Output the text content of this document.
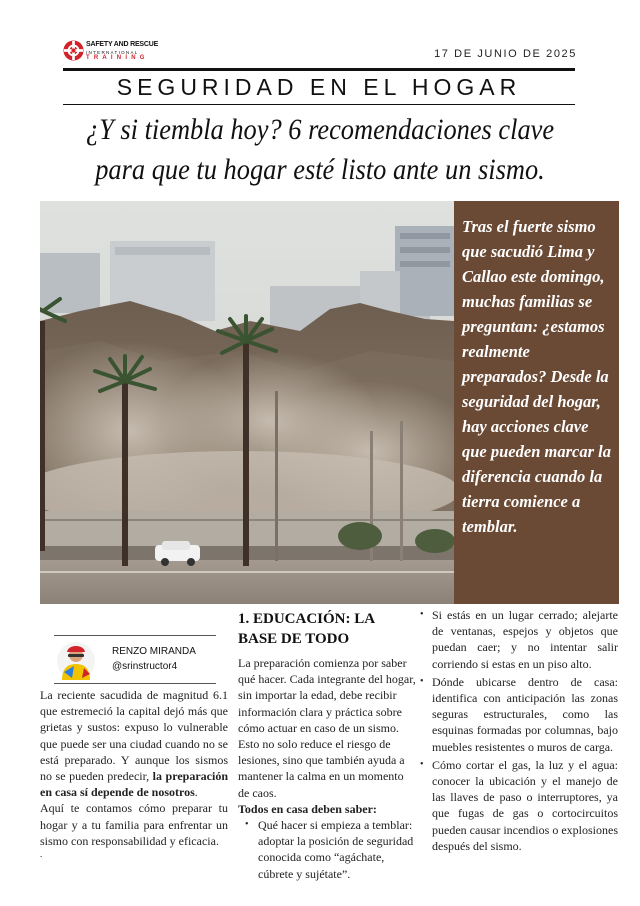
SAFETY AND RESCUE
INTERNATIONAL
TRAINING	17 DE JUNIO DE 2025
SEGURIDAD EN EL HOGAR
¿Y si tiembla hoy? 6 recomendaciones clave
para que tu hogar esté listo ante un sismo.
Tras el fuerte sismo que sacudió Lima y Callao este domingo, muchas familias se preguntan: ¿estamos realmente preparados? Desde la seguridad del hogar, hay acciones clave que pueden marcar la diferencia cuando la tierra comience a temblar.
RENZO MIRANDA
@srinstructor4

La reciente sacudida de magnitud 6.1 que estremeció la capital dejó más que grietas y sustos: expuso lo vulnerable que puede ser una ciudad cuando no se está preparado. Y aunque los sismos no se pueden predecir, la preparación en casa sí depende de nosotros.

Aquí te contamos cómo preparar tu hogar y a tu familia para enfrentar un sismo con responsabilidad y eficacia.

.

1. EDUCACIÓN: LA BASE DE TODO

La preparación comienza por saber qué hacer. Cada integrante del hogar, sin importar la edad, debe recibir información clara y práctica sobre cómo actuar en caso de un sismo. Esto no solo reduce el riesgo de lesiones, sino que también ayuda a mantener la calma en un momento de caos.

Todos en casa deben saber:

• Qué hacer si empieza a temblar: adoptar la posición de seguridad conocida como “agáchate, cúbrete y sujétate”.
• Si estás en un lugar cerrado; alejarte de ventanas, espejos y objetos que puedan caer; y no intentar salir corriendo si estas en un piso alto.
• Dónde ubicarse dentro de casa: identifica con anticipación las zonas seguras estructurales, como las esquinas formadas por columnas, bajo muebles resistentes o muros de carga.
• Cómo cortar el gas, la luz y el agua: conocer la ubicación y el manejo de las llaves de paso o interruptores, ya que fugas de gas o cortocircuitos pueden causar incendios o explosiones después del sismo.
